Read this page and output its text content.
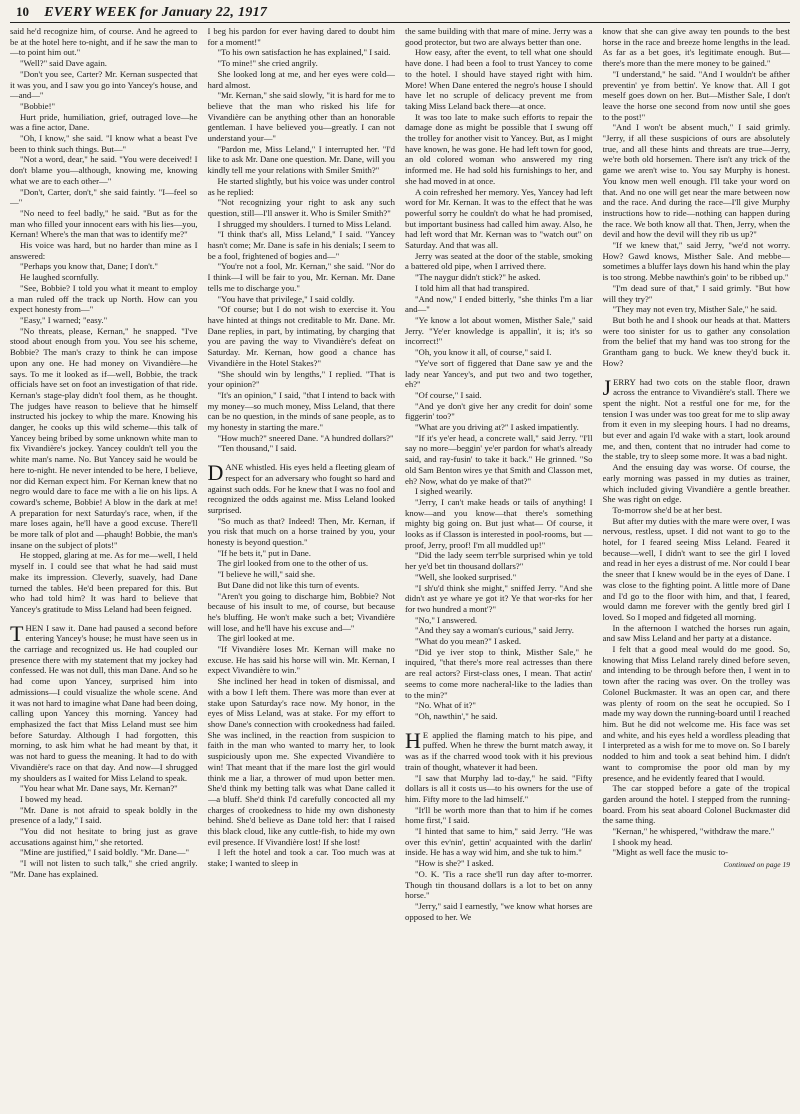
10 EVERY WEEK for January 22, 1917

said he'd recognize him, of course. And he agreed to be at the hotel here to-night, and if he saw the man to—to point him out."

"Well?" said Dave again.

"Don't you see, Carter? Mr. Kernan suspected that it was you, and I saw you go into Yancey's house, and—and—"

"Bobbie!"

Hurt pride, humiliation, grief, outraged love—he was a fine actor, Dane.

"Oh, I know," she said. "I know what a beast I've been to think such things. But—"

"Not a word, dear," he said. "You were deceived! I don't blame you—although, knowing me, knowing what we are to each other—"

"Don't, Carter, don't," she said faintly. "I—feel so—"

"No need to feel badly," he said. "But as for the man who filled your innocent ears with his lies—you, Kernan! Where's the man that was to identify me?"

His voice was hard, but no harder than mine as I answered:

"Perhaps you know that, Dane; I don't."

He laughed scornfully.

"See, Bobbie? I told you what it meant to employ a man ruled off the track up North. How can you expect honesty from—"

"Easy," I warned; "easy."

"No threats, please, Kernan," he snapped. "I've stood about enough from you. You see his scheme, Bobbie? The man's crazy to think he can impose upon any one. He had money on Vivandière—he says. To me it looked as if—well, Bobbie, the track officials have set on foot an investigation of that ride. Kernan's stage-play didn't fool them, as he thought. The judges have reason to believe that he himself instructed his jockey to whip the mare. Knowing his danger, he cooks up this wild scheme—this talk of Yancey being bribed by some unknown white man to fix Vivandière's jockey. Yancey couldn't tell you the white man's name. No. But Yancey said he would be here to-night. He never intended to be here, I believe, nor did Kernan expect him. For Kernan knew that no negro would dare to face me with a lie on his lips. A coward's scheme, Bobbie! A blow in the dark at me! A preparation for next Saturday's race, when, if the mare loses again, he'll have a good excuse. There'll be more talk of plot and —phaugh! Bobbie, the man's insane on the subject of plots!"

He stopped, glaring at me. As for me—well, I held myself in. I could see that what he had said must make its impression. Cleverly, suavely, had Dane turned the tables. He'd been prepared for this. But who had told him? It was hard to believe that Yancey's gratitude to Miss Leland had been feigned.

THEN I saw it. Dane had paused a second before entering Yancey's house; he must have seen us in the carriage and recognized us. He had coupled our presence there with my statement that my jockey had confessed. He was not dull, this man Dane. And so he had come upon Yancey, surprised him into admissions—I could visualize the whole scene. And it was not hard to imagine what Dane had been doing, calling upon Yancey this morning. Yancey had emphasized the fact that Miss Leland must see him before Saturday. Although I had forgotten, this morning, to ask him what he had meant by that, it was not hard to guess the meaning. It had to do with Vivandière's race on that day. And now—I shrugged my shoulders as I waited for Miss Leland to speak.

"You hear what Mr. Dane says, Mr. Kernan?"

I bowed my head.

"Mr. Dane is not afraid to speak boldly in the presence of a lady," I said.

"You did not hesitate to bring just as grave accusations against him," she retorted.

"Mine are justified," I said boldly. "Mr. Dane—"

"I will not listen to such talk," she cried angrily. "Mr. Dane has explained.

I beg his pardon for ever having dared to doubt him for a moment!"

"To his own satisfaction he has explained," I said.

"To mine!" she cried angrily.

She looked long at me, and her eyes were cold—hard almost.

"Mr. Kernan," she said slowly, "it is hard for me to believe that the man who risked his life for Vivandière can be anything other than an honorable gentleman. I have believed you—greatly. I can not understand your—"

"Pardon me, Miss Leland," I interrupted her. "I'd like to ask Mr. Dane one question. Mr. Dane, will you kindly tell me your relations with Smiler Smith?"

He started slightly, but his voice was under control as he replied:

"Not recognizing your right to ask any such question, still—I'll answer it. Who is Smiler Smith?"

I shrugged my shoulders. I turned to Miss Leland.

"I think that's all, Miss Leland," I said. "Yancey hasn't come; Mr. Dane is safe in his denials; I seem to be a fool, frightened of bogies and—"

"You're not a fool, Mr. Kernan," she said. "Nor do I think—I will be fair to you, Mr. Kernan. Mr. Dane tells me to discharge you."

"You have that privilege," I said coldly.

"Of course; but I do not wish to exercise it. You have hinted at things not creditable to Mr. Dane. Mr. Dane replies, in part, by intimating, by charging that you are paving the way to Vivandière's defeat on Saturday. Mr. Kernan, how good a chance has Vivandière in the Hotel Stakes?"

"She should win by lengths," I replied. "That is your opinion?"

"It's an opinion," I said, "that I intend to back with my money—so much money, Miss Leland, that there can be no question, in the minds of sane people, as to my honesty in starting the mare."

"How much?" sneered Dane. "A hundred dollars?"

"Ten thousand," I said.

DANE whistled. His eyes held a fleeting gleam of respect for an adversary who fought so hard and against such odds. For he knew that I was no fool and recognized the odds against me. Miss Leland looked surprised.

"So much as that? Indeed! Then, Mr. Kernan, if you risk that much on a horse trained by you, your honesty is beyond question."

"If he bets it," put in Dane.

The girl looked from one to the other of us.

"I believe he will," said she.

But Dane did not like this turn of events.

"Aren't you going to discharge him, Bobbie? Not because of his insult to me, of course, but because he's bluffing. He won't make such a bet; Vivandière will lose, and he'll have his excuse and—"

The girl looked at me.

"If Vivandière loses Mr. Kernan will make no excuse. He has said his horse will win. Mr. Kernan, I expect Vivandière to win."

She inclined her head in token of dismissal, and with a bow I left them. There was more than ever at stake upon Saturday's race now. My honor, in the eyes of Miss Leland, was at stake. For my effort to show Dane's connection with crookedness had failed. She was inclined, in the reaction from suspicion to faith in the man who wanted to marry her, to look suspiciously upon me. She expected Vivandière to win! That meant that if the mare lost the girl would think me a liar, a thrower of mud upon better men. She'd think my betting talk was what Dane called it—a bluff. She'd think I'd carefully concocted all my charges of crookedness to hide my own dishonesty behind. She'd believe as Dane told her: that I raised this black cloud, like any cuttle-fish, to hide my own evil presence. If Vivandière lost! If she lost!

I left the hotel and took a car. Too much was at stake; I wanted to sleep in

the same building with that mare of mine. Jerry was a good protector, but two are always better than one.

How easy, after the event, to tell what one should have done. I had been a fool to trust Yancey to come to the hotel. I should have stayed right with him. More! When Dane entered the negro's house I should have let no scruple of delicacy prevent me from taking Miss Leland back there—at once.

It was too late to make such efforts to repair the damage done as might be possible that I swung off the trolley for another visit to Yancey. But, as I might have known, he was gone. He had left town for good, an old colored woman who answered my ring informed me. He had sold his furnishings to her, and she had moved in at once.

A coin refreshed her memory. Yes, Yancey had left word for Mr. Kernan. It was to the effect that he was powerful sorry he couldn't do what he had promised, but important business had called him away. Also, he had left word that Mr. Kernan was to "watch out" on Saturday. And that was all.

Jerry was seated at the door of the stable, smoking a battered old pipe, when I arrived there.

"The naygur didn't stick?" he asked.

I told him all that had transpired.

"And now," I ended bitterly, "she thinks I'm a liar and—"

"Ye know a lot about women, Misther Sale," said Jerry. "Ye'er knowledge is appallin', it is; it's so incorrect!"

"Oh, you know it all, of course," said I.

"Ye've sort of figgered that Dane saw ye and the lady near Yancey's, and put two and two together, eh?"

"Of course," I said.

"And ye don't give her any credit for doin' some figgerin' too?"

"What are you driving at?" I asked impatiently.

"If it's ye'er head, a concrete wall," said Jerry. "I'll say no more—beggin' ye'er pardon for what's already said, and ray-fusin' to take it back." He grinned. "So old Sam Benton wires ye that Smith and Classon met, eh? Now, what do ye make of that?"

I sighed wearily.

"Jerry, I can't make heads or tails of anything! I know—and you know—that there's something mighty big going on. But just what— Of course, it looks as if Classon is interested in pool-rooms, but —proof, Jerry, proof! I'm all muddled up!"

"Did the lady seem terr'ble surprised whin ye told her ye'd bet tin thousand dollars?"

"Well, she looked surprised."

"I sh'u'd think she might," sniffed Jerry. "And she didn't ast ye whare ye got it? Ye that wor-rks for her for two hundred a mont'?"

"No," I answered.

"And they say a woman's curious," said Jerry.

"What do you mean?" I asked.

"Did ye iver stop to think, Misther Sale," he inquired, "that there's more real actresses than there are real actors? First-class ones, I mean. That actin' seems to come more nacheral-like to the ladies than to the min?"

"No. What of it?"

"Oh, nawthin'," he said.

HE applied the flaming match to his pipe, and puffed. When he threw the burnt match away, it was as if the charred wood took with it his previous train of thought, whatever it had been.

"I saw that Murphy lad to-day," he said. "Fifty dollars is all it costs us—to his owners for the use of him. Fifty more to the lad himself."

"It'll be worth more than that to him if he comes home first," I said.

"I hinted that same to him," said Jerry. "He was over this ev'nin', gettin' acquainted with the darlin' inside. He has a way wid him, and she tuk to him."

"How is she?" I asked.

"O. K. 'Tis a race she'll run day after to-morrer. Though tin thousand dollars is a lot to bet on anny horse."

"Jerry," said I earnestly, "we know what horses are opposed to her. We

know that she can give away ten pounds to the best horse in the race and breeze home lengths in the lead. As far as a bet goes, it's legitimate enough. But—there's more than the mere money to be gained."

"I understand," he said. "And I wouldn't be afther preventin' ye from bettin'. Ye know that. All I got meself goes down on her. But—Misther Sale, I don't leave the horse one second from now until she goes to the post!"

"And I won't be absent much," I said grimly. "Jerry, if all these suspicions of ours are absolutely true, and all these hints and threats are true—Jerry, we're both old horsemen. There isn't any trick of the game we aren't wise to. You say Murphy is honest. You know men well enough. I'll take your word on that. And no one will get near the mare between now and the race. And during the race—I'll give Murphy instructions how to ride—nothing can happen during the race. We both know all that. Then, Jerry, when the devil and how the devil will they rib us up?"

"If we knew that," said Jerry, "we'd not worry. How? Gawd knows, Misther Sale. And mebbe—sometimes a bluffer lays down his hand whin the play is too strong. Mebbe nawthin's goin' to be ribbed up."

"I'm dead sure of that," I said grimly. "But how will they try?"

"They may not even try, Misther Sale," he said.

But both he and I shook our heads at that. Matters were too sinister for us to gather any consolation from the belief that my hand was too strong for the Grantham gang to buck. We knew they'd buck it. How?

JERRY had two cots on the stable floor, drawn across the entrance to Vivandière's stall. There we spent the night. Not a restful one for me, for the tension I was under was too great for me to slip away from it even in my sleeping hours. I had no dreams, but ever and again I'd wake with a start, look around me, and then, content that no intruder had come to the stable, try to sleep some more. It was a bad night.

And the ensuing day was worse. Of course, the early morning was passed in my duties as trainer, which included giving Vivandière a gentle breather. She was right on edge.

To-morrow she'd be at her best.

But after my duties with the mare were over, I was nervous, restless, upset. I did not want to go to the hotel, for I feared seeing Miss Leland. Feared it because—well, I didn't want to see the girl I loved and read in her eyes a distrust of me. Nor could I bear the sneer that I knew would be in the eyes of Dane. I was close to the fighting point. A little more of Dane and I'd go to the floor with him, and that, I feared, would damn me forever with the gently bred girl I loved. So I moped and fidgeted all morning.

In the afternoon I watched the horses run again, and saw Miss Leland and her party at a distance.

I felt that a good meal would do me good. So, knowing that Miss Leland rarely dined before seven, and intending to be through before then, I went in to town after the racing was over. On the trolley was Colonel Buckmaster. It was an open car, and there was plenty of room on the seat he occupied. So I made my way down the running-board until I reached him. But he did not welcome me. His face was set and white, and his eyes held a wordless pleading that I interpreted as a wish for me to move on. So I barely nodded to him and took a seat behind him. I didn't want to compromise the poor old man by my presence, and he evidently feared that I would.

The car stopped before a gate of the tropical garden around the hotel. I stepped from the running-board. From his seat aboard Colonel Buckmaster did the same thing.

"Kernan," he whispered, "withdraw the mare."

I shook my head.

"Might as well face the music to-

Continued on page 19
